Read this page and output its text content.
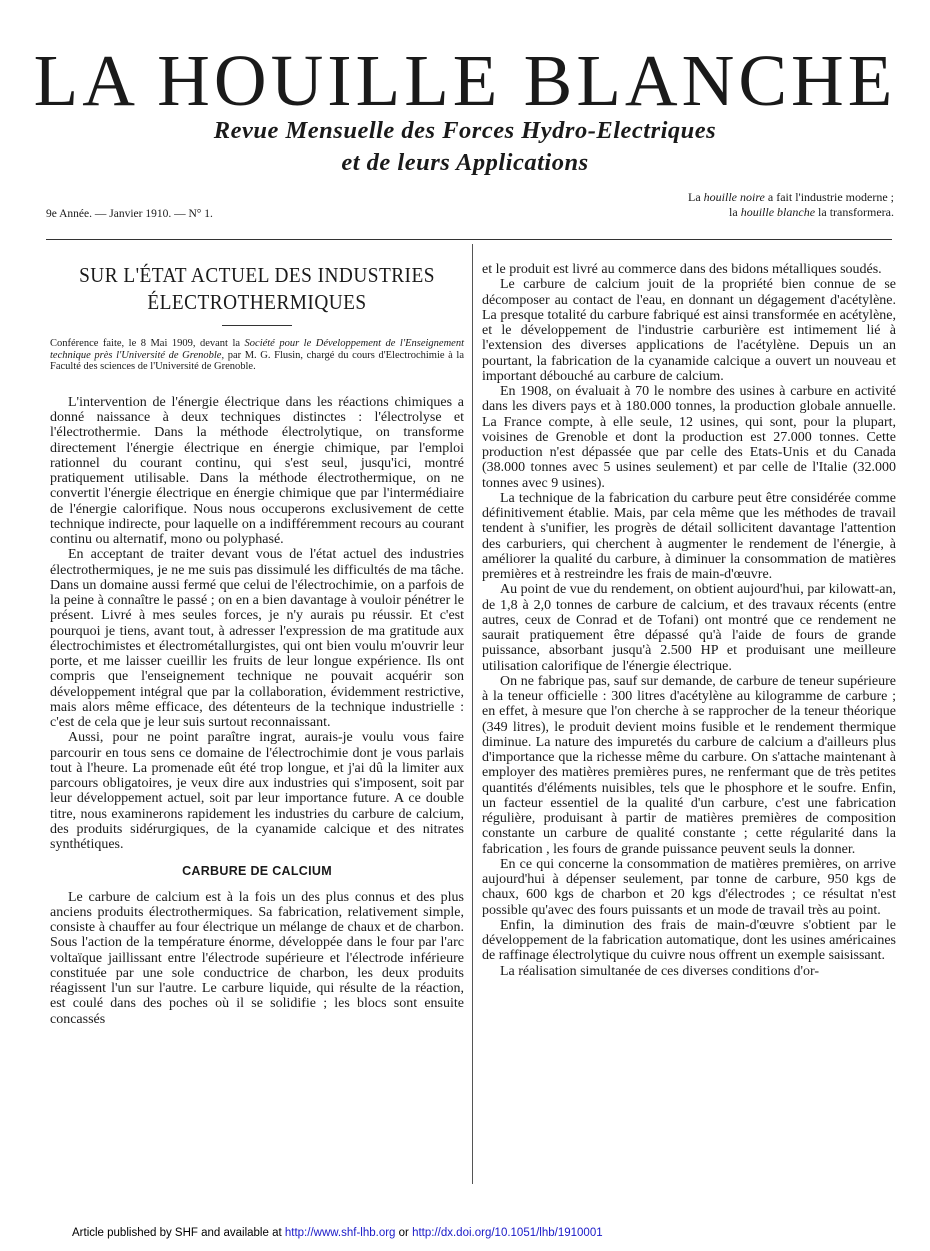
LA HOUILLE BLANCHE
Revue Mensuelle des Forces Hydro-Electriques
et de leurs Applications
La houille noire a fait l'industrie moderne ;
la houille blanche la transformera.
9e Année. — Janvier 1910. — N° 1.
SUR L'ÉTAT ACTUEL DES INDUSTRIES
ÉLECTROTHERMIQUES

Conférence faite, le 8 Mai 1909, devant la Société pour le Développement de l'Enseignement technique près l'Université de Grenoble, par M. G. Flusin, chargé du cours d'Electrochimie à la Faculté des sciences de l'Université de Grenoble.

L'intervention de l'énergie électrique dans les réactions chimiques a donné naissance à deux techniques distinctes : l'électrolyse et l'électrothermie. Dans la méthode électrolytique, on transforme directement l'énergie électrique en énergie chimique, par l'emploi rationnel du courant continu, qui s'est seul, jusqu'ici, montré pratiquement utilisable. Dans la méthode électrothermique, on ne convertit l'énergie électrique en énergie chimique que par l'intermédiaire de l'énergie calorifique. Nous nous occuperons exclusivement de cette technique indirecte, pour laquelle on a indifféremment recours au courant continu ou alternatif, mono ou polyphasé.

En acceptant de traiter devant vous de l'état actuel des industries électrothermiques, je ne me suis pas dissimulé les difficultés de ma tâche. Dans un domaine aussi fermé que celui de l'électrochimie, on a parfois de la peine à connaître le passé ; on en a bien davantage à vouloir pénétrer le présent. Livré à mes seules forces, je n'y aurais pu réussir. Et c'est pourquoi je tiens, avant tout, à adresser l'expression de ma gratitude aux électrochimistes et électrométallurgistes, qui ont bien voulu m'ouvrir leur porte, et me laisser cueillir les fruits de leur longue expérience. Ils ont compris que l'enseignement technique ne pouvait acquérir son développement intégral que par la collaboration, évidemment restrictive, mais alors même efficace, des détenteurs de la technique industrielle : c'est de cela que je leur suis surtout reconnaissant.

Aussi, pour ne point paraître ingrat, aurais-je voulu vous faire parcourir en tous sens ce domaine de l'électrochimie dont je vous parlais tout à l'heure. La promenade eût été trop longue, et j'ai dû la limiter aux parcours obligatoires, je veux dire aux industries qui s'imposent, soit par leur développement actuel, soit par leur importance future. A ce double titre, nous examinerons rapidement les industries du carbure de calcium, des produits sidérurgiques, de la cyanamide calcique et des nitrates synthétiques.

CARBURE DE CALCIUM

Le carbure de calcium est à la fois un des plus connus et des plus anciens produits électrothermiques. Sa fabrication, relativement simple, consiste à chauffer au four électrique un mélange de chaux et de charbon. Sous l'action de la température énorme, développée dans le four par l'arc voltaïque jaillissant entre l'électrode supérieure et l'électrode inférieure constituée par une sole conductrice de charbon, les deux produits réagissent l'un sur l'autre. Le carbure liquide, qui résulte de la réaction, est coulé dans des poches où il se solidifie ; les blocs sont ensuite concassés

et le produit est livré au commerce dans des bidons métalliques soudés.

Le carbure de calcium jouit de la propriété bien connue de se décomposer au contact de l'eau, en donnant un dégagement d'acétylène. La presque totalité du carbure fabriqué est ainsi transformée en acétylène, et le développement de l'industrie carburière est intimement lié à l'extension des diverses applications de l'acétylène. Depuis un an pourtant, la fabrication de la cyanamide calcique a ouvert un nouveau et important débouché au carbure de calcium.

En 1908, on évaluait à 70 le nombre des usines à carbure en activité dans les divers pays et à 180.000 tonnes, la production globale annuelle. La France compte, à elle seule, 12 usines, qui sont, pour la plupart, voisines de Grenoble et dont la production est 27.000 tonnes. Cette production n'est dépassée que par celle des Etats-Unis et du Canada (38.000 tonnes avec 5 usines seulement) et par celle de l'Italie (32.000 tonnes avec 9 usines).

La technique de la fabrication du carbure peut être considérée comme définitivement établie. Mais, par cela même que les méthodes de travail tendent à s'unifier, les progrès de détail sollicitent davantage l'attention des carburiers, qui cherchent à augmenter le rendement de l'énergie, à améliorer la qualité du carbure, à diminuer la consommation de matières premières et à restreindre les frais de main-d'œuvre.

Au point de vue du rendement, on obtient aujourd'hui, par kilowatt-an, de 1,8 à 2,0 tonnes de carbure de calcium, et des travaux récents (entre autres, ceux de Conrad et de Tofani) ont montré que ce rendement ne saurait pratiquement être dépassé qu'à l'aide de fours de grande puissance, absorbant jusqu'à 2.500 HP et produisant une meilleure utilisation calorifique de l'énergie électrique.

On ne fabrique pas, sauf sur demande, de carbure de teneur supérieure à la teneur officielle : 300 litres d'acétylène au kilogramme de carbure ; en effet, à mesure que l'on cherche à se rapprocher de la teneur théorique (349 litres), le produit devient moins fusible et le rendement thermique diminue. La nature des impuretés du carbure de calcium a d'ailleurs plus d'importance que la richesse même du carbure. On s'attache maintenant à employer des matières premières pures, ne renfermant que de très petites quantités d'éléments nuisibles, tels que le phosphore et le soufre. Enfin, un facteur essentiel de la qualité d'un carbure, c'est une fabrication régulière, produisant à partir de matières premières de composition constante un carbure de qualité constante ; cette régularité dans la fabrication , les fours de grande puissance peuvent seuls la donner.

En ce qui concerne la consommation de matières premières, on arrive aujourd'hui à dépenser seulement, par tonne de carbure, 950 kgs de chaux, 600 kgs de charbon et 20 kgs d'électrodes ; ce résultat n'est possible qu'avec des fours puissants et un mode de travail très au point.

Enfin, la diminution des frais de main-d'œuvre s'obtient par le développement de la fabrication automatique, dont les usines américaines de raffinage électrolytique du cuivre nous offrent un exemple saisissant.

La réalisation simultanée de ces diverses conditions d'or-

Article published by SHF and available at http://www.shf-lhb.org or http://dx.doi.org/10.1051/lhb/1910001
